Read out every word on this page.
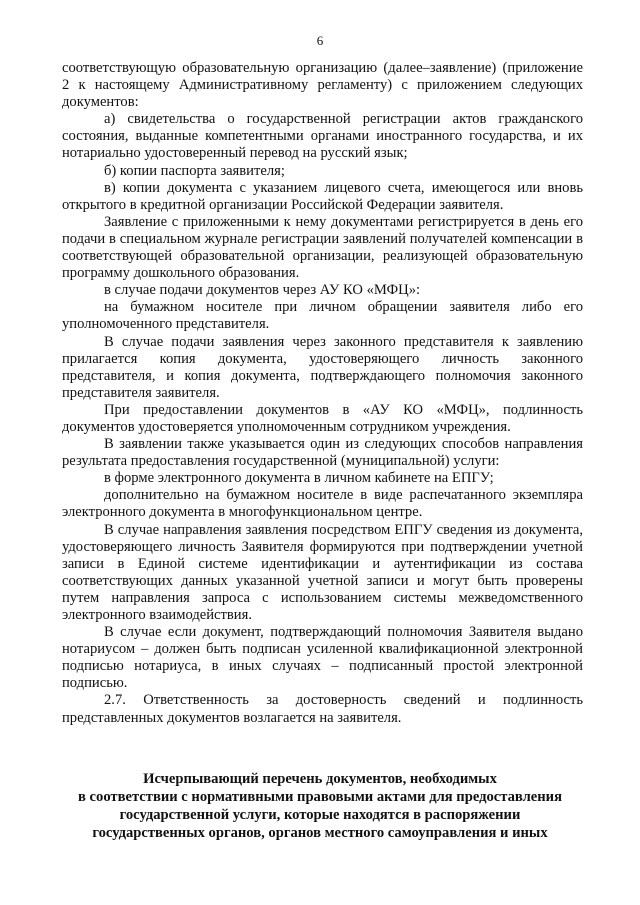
6

соответствующую образовательную организацию (далее–заявление) (приложение 2 к настоящему Административному регламенту) с приложением следующих документов:

а) свидетельства о государственной регистрации актов гражданского состояния, выданные компетентными органами иностранного государства, и их нотариально удостоверенный перевод на русский язык;

б) копии паспорта заявителя;

в) копии документа с указанием лицевого счета, имеющегося или вновь открытого в кредитной организации Российской Федерации заявителя.

Заявление с приложенными к нему документами регистрируется в день его подачи в специальном журнале регистрации заявлений получателей компенсации в соответствующей образовательной организации, реализующей образовательную программу дошкольного образования.

в случае подачи документов через АУ КО «МФЦ»:

на бумажном носителе при личном обращении заявителя либо его уполномоченного представителя.

В случае подачи заявления через законного представителя к заявлению прилагается копия документа, удостоверяющего личность законного представителя, и копия документа, подтверждающего полномочия законного представителя заявителя.

При предоставлении документов в «АУ КО «МФЦ», подлинность документов удостоверяется уполномоченным сотрудником учреждения.

В заявлении также указывается один из следующих способов направления результата предоставления государственной (муниципальной) услуги:

в форме электронного документа в личном кабинете на ЕПГУ;

дополнительно на бумажном носителе в виде распечатанного экземпляра электронного документа в многофункциональном центре.

В случае направления заявления посредством ЕПГУ сведения из документа, удостоверяющего личность Заявителя формируются при подтверждении учетной записи в Единой системе идентификации и аутентификации из состава соответствующих данных указанной учетной записи и могут быть проверены путем направления запроса с использованием системы межведомственного электронного взаимодействия.

В случае если документ, подтверждающий полномочия Заявителя выдано нотариусом – должен быть подписан усиленной квалификационной электронной подписью нотариуса, в иных случаях – подписанный простой электронной подписью.

2.7. Ответственность за достоверность сведений и подлинность представленных документов возлагается на заявителя.

Исчерпывающий перечень документов, необходимых
в соответствии с нормативными правовыми актами для предоставления
государственной услуги, которые находятся в распоряжении
государственных органов, органов местного самоуправления и иных
